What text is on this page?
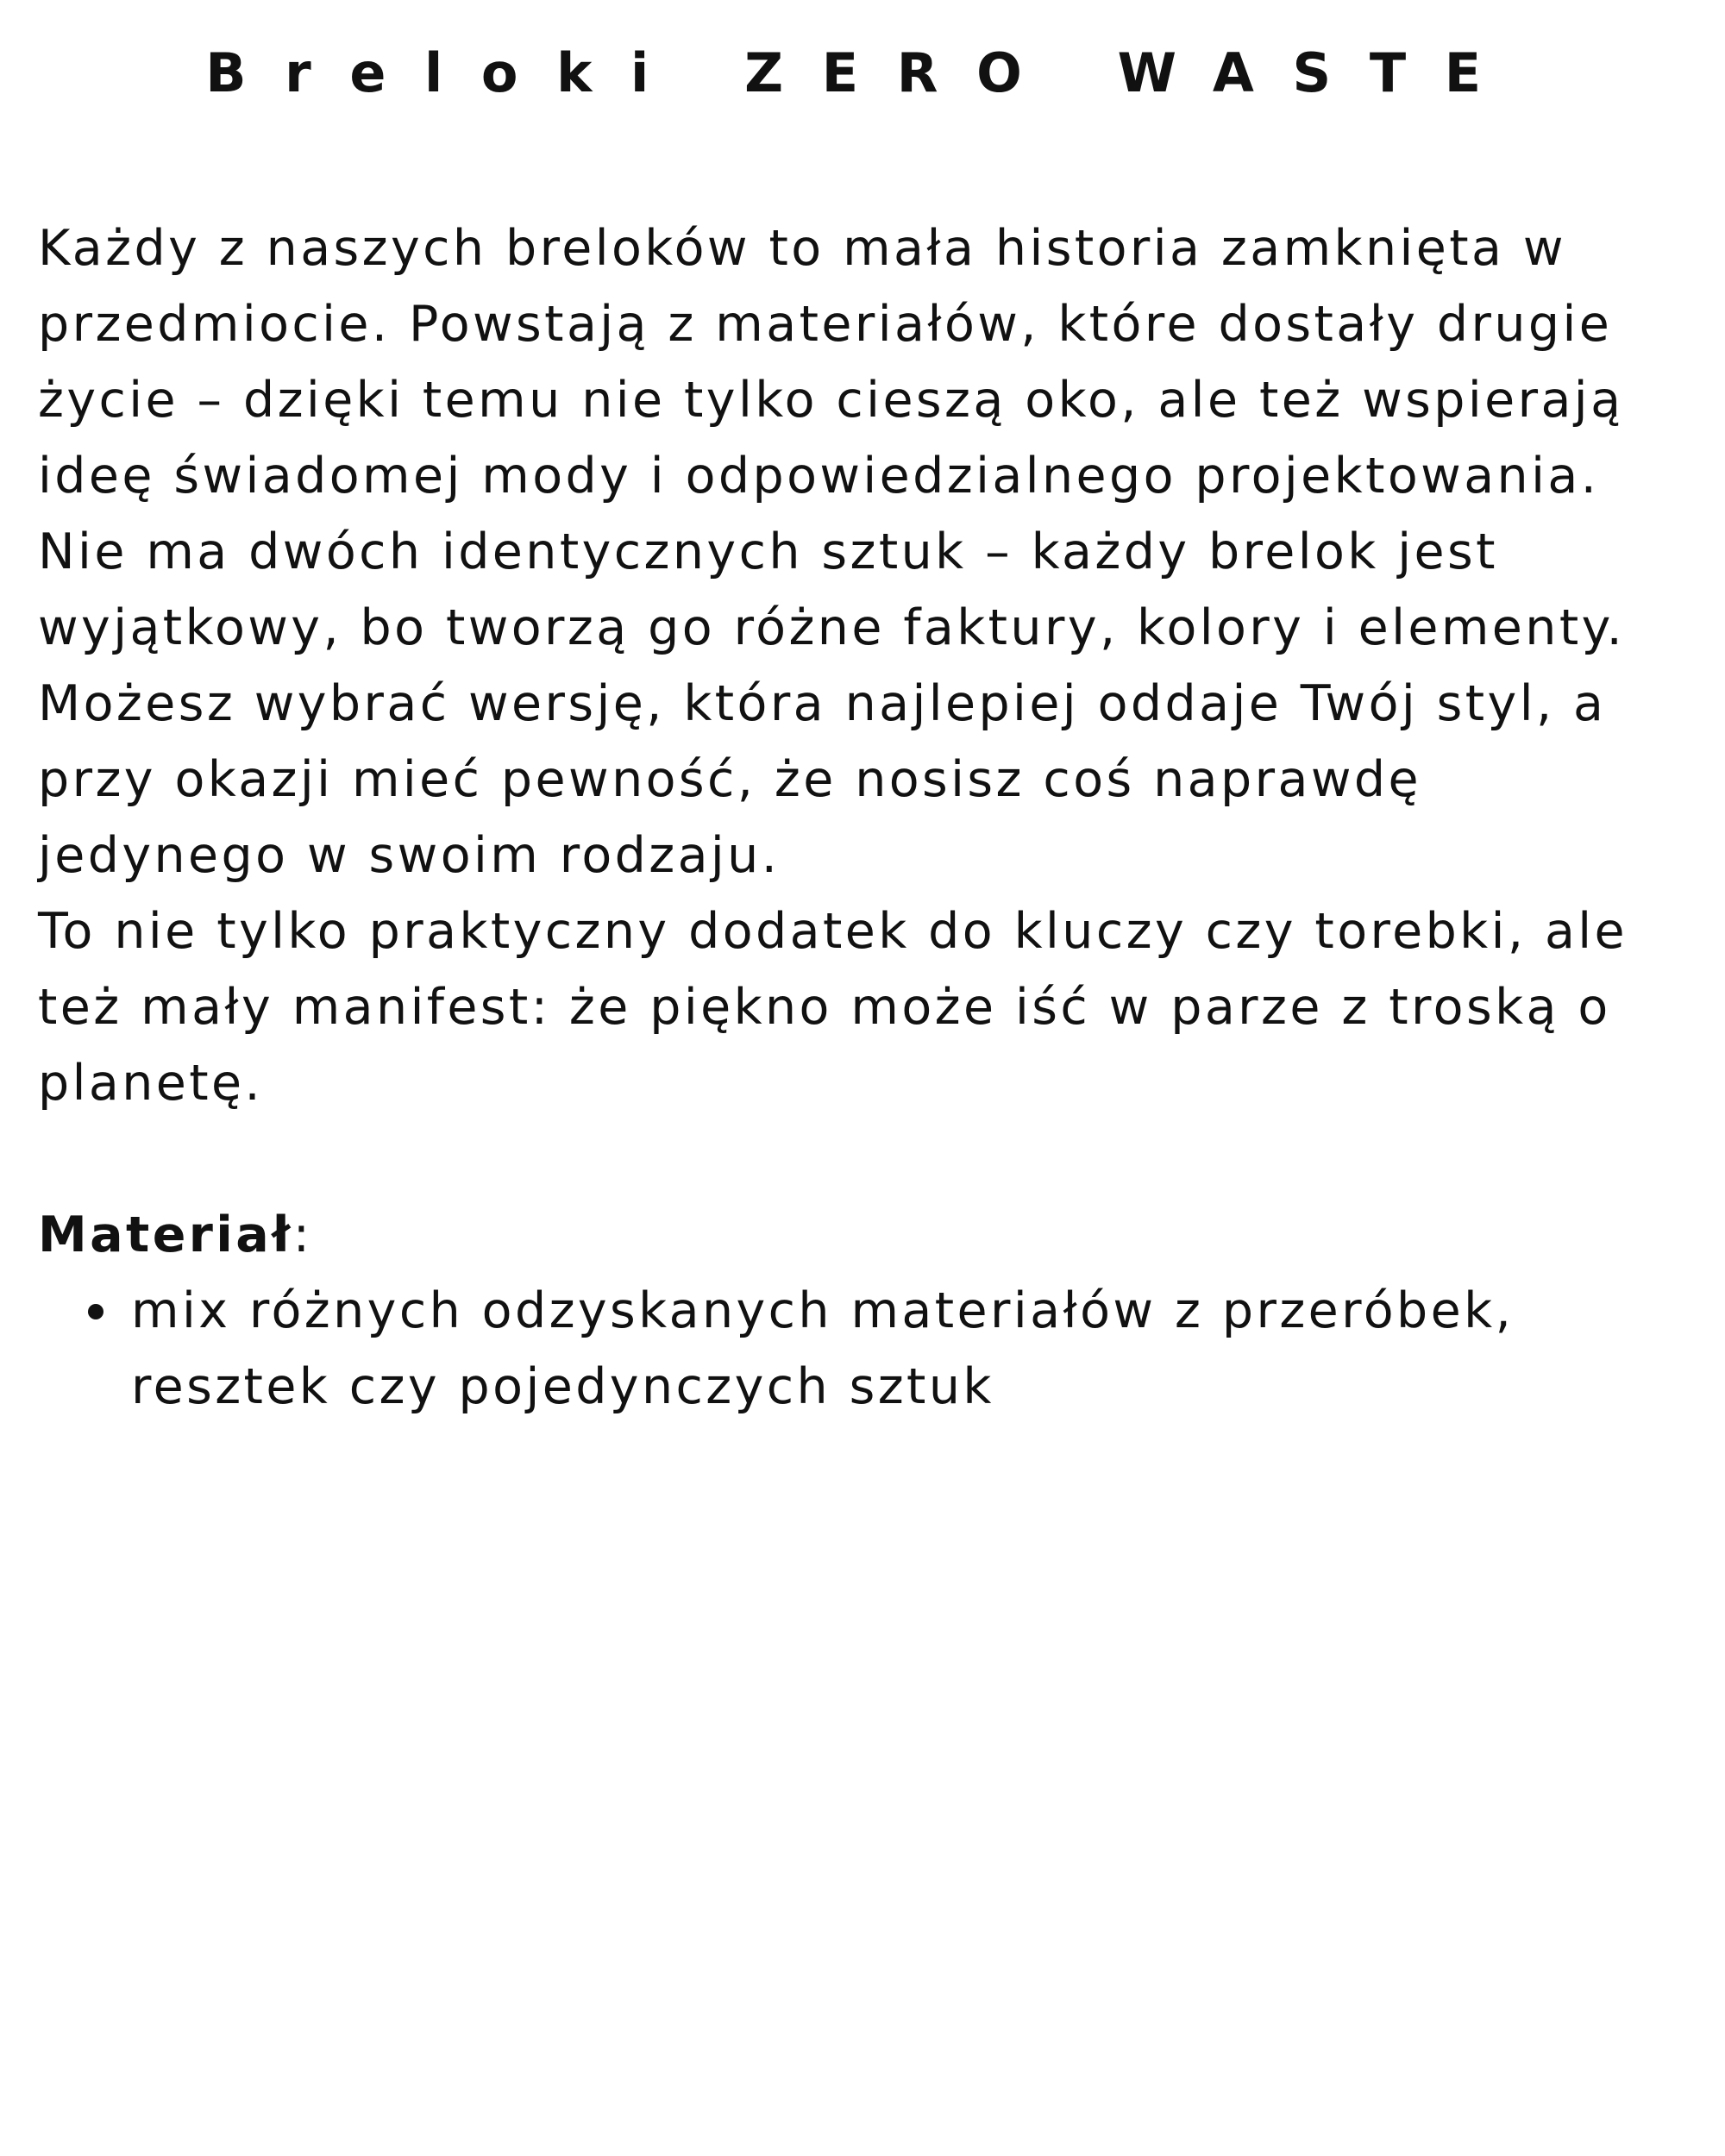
Breloki ZERO WASTE

Każdy z naszych breloków to mała historia zamknięta w
przedmiocie. Powstają z materiałów, które dostały drugie
życie – dzięki temu nie tylko cieszą oko, ale też wspierają
ideę świadomej mody i odpowiedzialnego projektowania.
Nie ma dwóch identycznych sztuk – każdy brelok jest
wyjątkowy, bo tworzą go różne faktury, kolory i elementy.
Możesz wybrać wersję, która najlepiej oddaje Twój styl, a
przy okazji mieć pewność, że nosisz coś naprawdę
jedynego w swoim rodzaju.

To nie tylko praktyczny dodatek do kluczy czy torebki, ale
też mały manifest: że piękno może iść w parze z troską o
planetę.

Materiał:

mix różnych odzyskanych materiałów z przeróbek,
resztek czy pojedynczych sztuk
